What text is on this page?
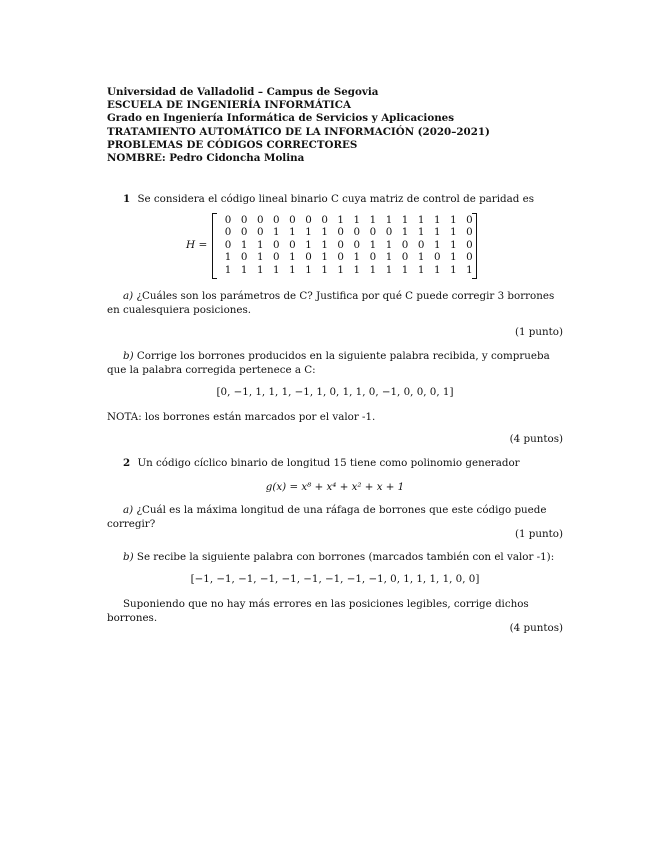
Universidad de Valladolid – Campus de Segovia
ESCUELA DE INGENIERÍA INFORMÁTICA
Grado en Ingeniería Informática de Servicios y Aplicaciones
TRATAMIENTO AUTOMÁTICO DE LA INFORMACIÓN (2020–2021)
PROBLEMAS DE CÓDIGOS CORRECTORES
NOMBRE: Pedro Cidoncha Molina
1 Se considera el código lineal binario C cuya matriz de control de paridad es
H =
0	0	0	0	0	0	0	1	1	1	1	1	1	1	1	0
0	0	0	1	1	1	1	0	0	0	0	1	1	1	1	0
0	1	1	0	0	1	1	0	0	1	1	0	0	1	1	0
1	0	1	0	1	0	1	0	1	0	1	0	1	0	1	0
1	1	1	1	1	1	1	1	1	1	1	1	1	1	1	1
a) ¿Cuáles son los parámetros de C? Justifica por qué C puede corregir 3 borrones en cualesquiera posiciones.
(1 punto)
b) Corrige los borrones producidos en la siguiente palabra recibida, y comprueba que la palabra corregida pertenece a C:
[0, −1, 1, 1, 1, −1, 1, 0, 1, 1, 0, −1, 0, 0, 0, 1]
NOTA: los borrones están marcados por el valor -1.
(4 puntos)
2 Un código cíclico binario de longitud 15 tiene como polinomio generador
g(x) = x⁸ + x⁴ + x² + x + 1
a) ¿Cuál es la máxima longitud de una ráfaga de borrones que este código puede corregir?
(1 punto)
b) Se recibe la siguiente palabra con borrones (marcados también con el valor -1):
[−1, −1, −1, −1, −1, −1, −1, −1, −1, 0, 1, 1, 1, 1, 0, 0]
Suponiendo que no hay más errores en las posiciones legibles, corrige dichos borrones.
(4 puntos)
